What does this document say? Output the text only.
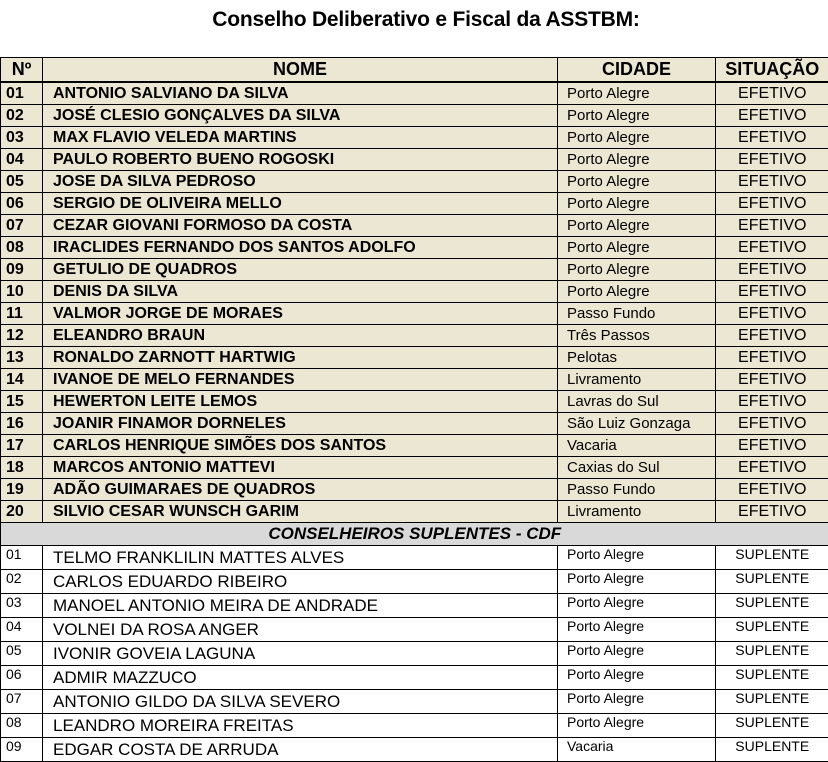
Conselho Deliberativo e Fiscal da ASSTBM:
Nº	NOME	CIDADE	SITUAÇÃO
01	ANTONIO SALVIANO DA SILVA	Porto Alegre	EFETIVO
02	JOSÉ CLESIO GONÇALVES DA SILVA	Porto Alegre	EFETIVO
03	MAX FLAVIO VELEDA MARTINS	Porto Alegre	EFETIVO
04	PAULO ROBERTO BUENO ROGOSKI	Porto Alegre	EFETIVO
05	JOSE DA SILVA PEDROSO	Porto Alegre	EFETIVO
06	SERGIO DE OLIVEIRA MELLO	Porto Alegre	EFETIVO
07	CEZAR GIOVANI FORMOSO DA COSTA	Porto Alegre	EFETIVO
08	IRACLIDES FERNANDO DOS SANTOS ADOLFO	Porto Alegre	EFETIVO
09	GETULIO DE QUADROS	Porto Alegre	EFETIVO
10	DENIS DA SILVA	Porto Alegre	EFETIVO
11	VALMOR JORGE DE MORAES	Passo Fundo	EFETIVO
12	ELEANDRO BRAUN	Três Passos	EFETIVO
13	RONALDO ZARNOTT HARTWIG	Pelotas	EFETIVO
14	IVANOE DE MELO FERNANDES	Livramento	EFETIVO
15	HEWERTON LEITE LEMOS	Lavras do Sul	EFETIVO
16	JOANIR FINAMOR DORNELES	São Luiz Gonzaga	EFETIVO
17	CARLOS HENRIQUE SIMÕES DOS SANTOS	Vacaria	EFETIVO
18	MARCOS ANTONIO MATTEVI	Caxias do Sul	EFETIVO
19	ADÃO GUIMARAES DE QUADROS	Passo Fundo	EFETIVO
20	SILVIO CESAR WUNSCH GARIM	Livramento	EFETIVO
CONSELHEIROS SUPLENTES - CDF			
01	TELMO FRANKLILIN MATTES ALVES	Porto Alegre	SUPLENTE
02	CARLOS EDUARDO RIBEIRO	Porto Alegre	SUPLENTE
03	MANOEL ANTONIO MEIRA DE ANDRADE	Porto Alegre	SUPLENTE
04	VOLNEI DA ROSA ANGER	Porto Alegre	SUPLENTE
05	IVONIR GOVEIA LAGUNA	Porto Alegre	SUPLENTE
06	ADMIR MAZZUCO	Porto Alegre	SUPLENTE
07	ANTONIO GILDO DA SILVA SEVERO	Porto Alegre	SUPLENTE
08	LEANDRO MOREIRA FREITAS	Porto Alegre	SUPLENTE
09	EDGAR COSTA DE ARRUDA	Vacaria	SUPLENTE
